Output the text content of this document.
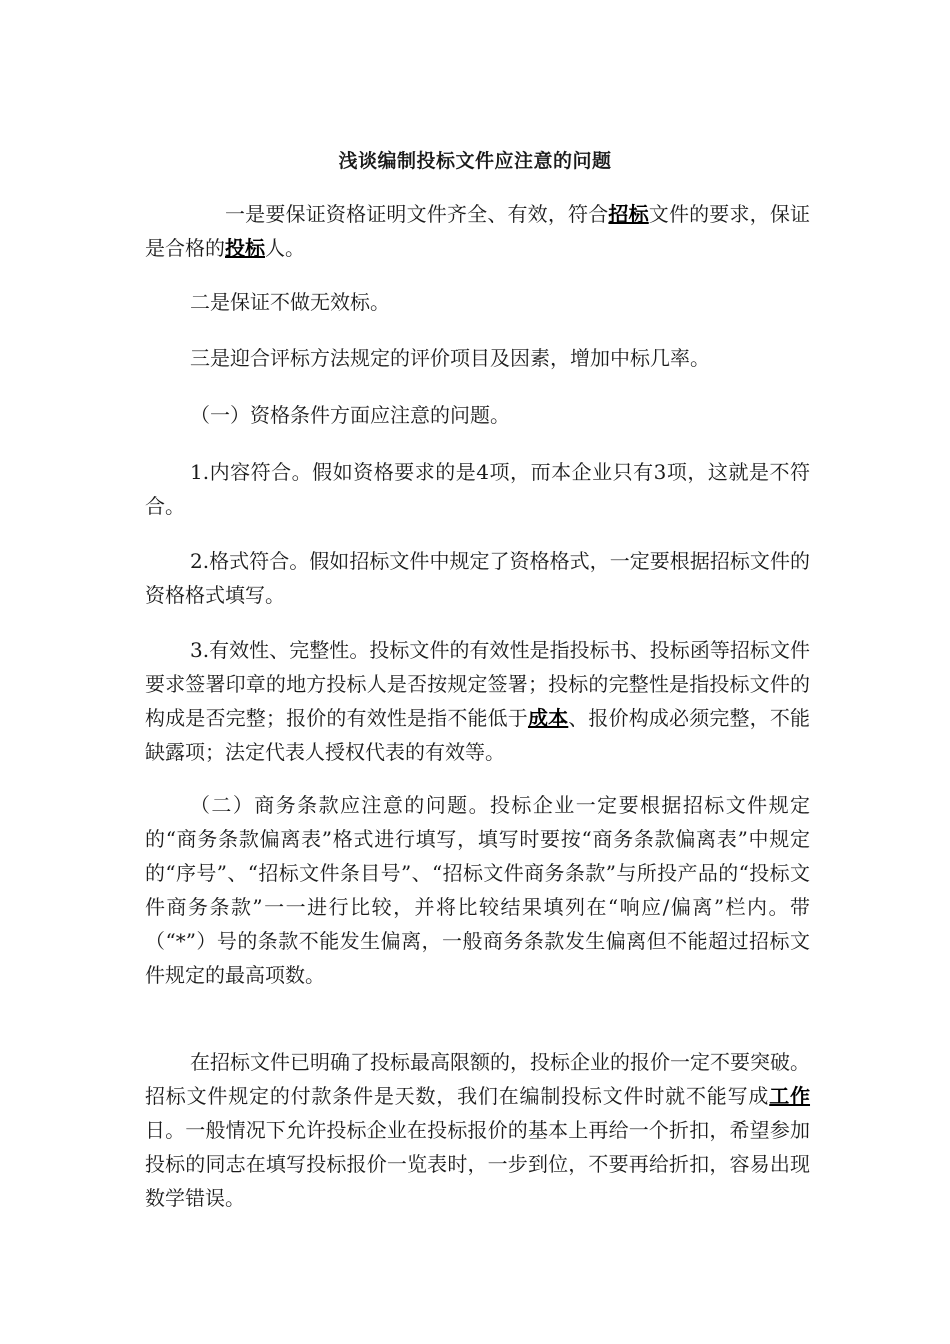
浅谈编制投标文件应注意的问题

一是要保证资格证明文件齐全、有效，符合招标文件的要求，保证是合格的投标人。

二是保证不做无效标。

三是迎合评标方法规定的评价项目及因素，增加中标几率。

（一）资格条件方面应注意的问题。

1.内容符合。假如资格要求的是4项，而本企业只有3项，这就是不符合。

2.格式符合。假如招标文件中规定了资格格式，一定要根据招标文件的资格格式填写。

3.有效性、完整性。投标文件的有效性是指投标书、投标函等招标文件要求签署印章的地方投标人是否按规定签署；投标的完整性是指投标文件的构成是否完整；报价的有效性是指不能低于成本、报价构成必须完整，不能缺露项；法定代表人授权代表的有效等。

（二）商务条款应注意的问题。投标企业一定要根据招标文件规定的“商务条款偏离表”格式进行填写，填写时要按“商务条款偏离表”中规定的“序号”、“招标文件条目号”、“招标文件商务条款”与所投产品的“投标文件商务条款”一一进行比较，并将比较结果填列在“响应/偏离”栏内。带（“*”）号的条款不能发生偏离，一般商务条款发生偏离但不能超过招标文件规定的最高项数。

在招标文件已明确了投标最高限额的，投标企业的报价一定不要突破。招标文件规定的付款条件是天数，我们在编制投标文件时就不能写成工作日。一般情况下允许投标企业在投标报价的基本上再给一个折扣，希望参加投标的同志在填写投标报价一览表时，一步到位，不要再给折扣，容易出现数学错误。
